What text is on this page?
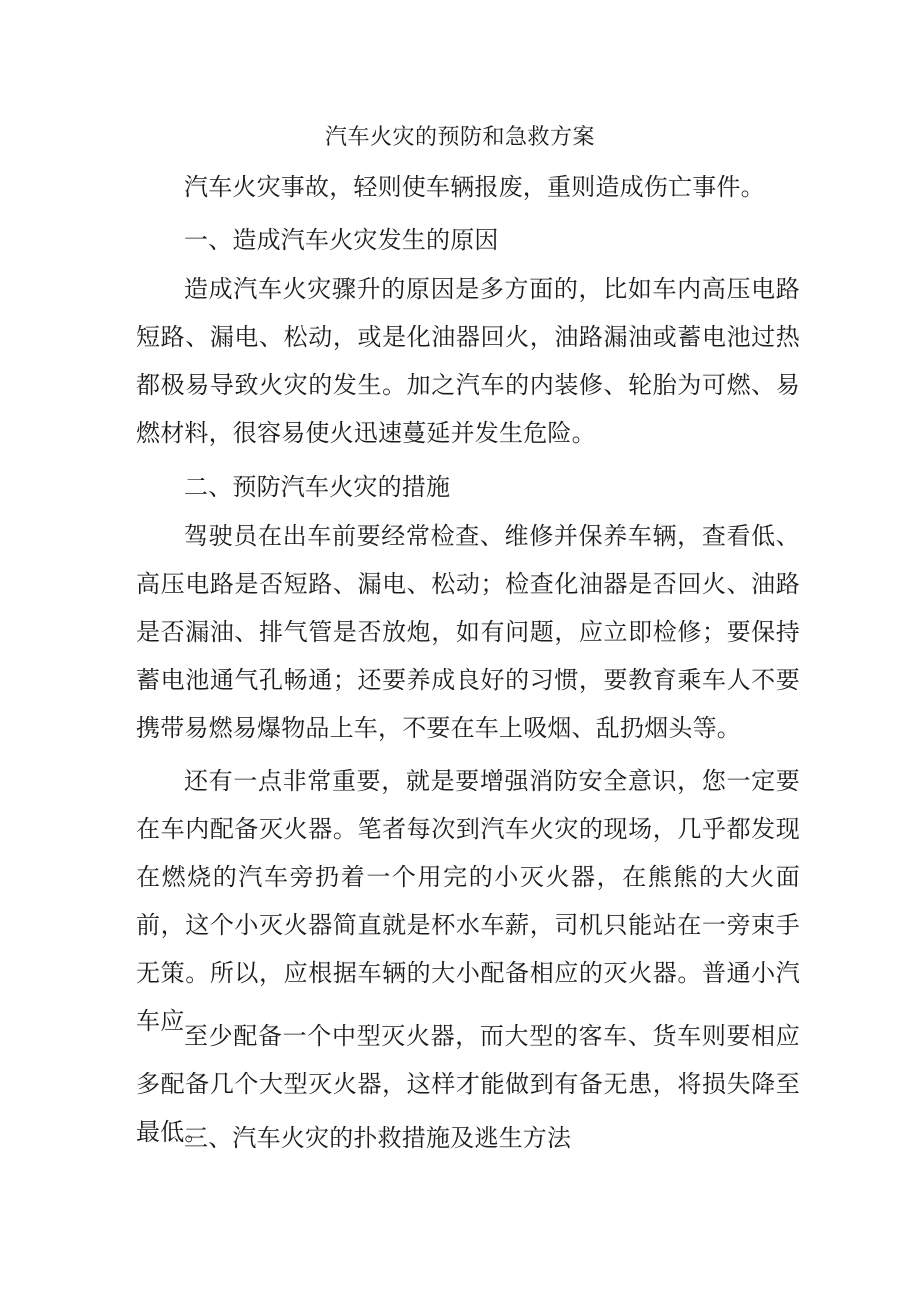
汽车火灾的预防和急救方案

汽车火灾事故，轻则使车辆报废，重则造成伤亡事件。

一、造成汽车火灾发生的原因

造成汽车火灾骤升的原因是多方面的，比如车内高压电路短路、漏电、松动，或是化油器回火，油路漏油或蓄电池过热都极易导致火灾的发生。加之汽车的内装修、轮胎为可燃、易燃材料，很容易使火迅速蔓延并发生危险。

二、预防汽车火灾的措施

驾驶员在出车前要经常检查、维修并保养车辆，查看低、高压电路是否短路、漏电、松动；检查化油器是否回火、油路是否漏油、排气管是否放炮，如有问题，应立即检修；要保持蓄电池通气孔畅通；还要养成良好的习惯，要教育乘车人不要携带易燃易爆物品上车，不要在车上吸烟、乱扔烟头等。

还有一点非常重要，就是要增强消防安全意识，您一定要在车内配备灭火器。笔者每次到汽车火灾的现场，几乎都发现在燃烧的汽车旁扔着一个用完的小灭火器，在熊熊的大火面前，这个小灭火器简直就是杯水车薪，司机只能站在一旁束手无策。所以，应根据车辆的大小配备相应的灭火器。普通小汽车应

至少配备一个中型灭火器，而大型的客车、货车则要相应多配备几个大型灭火器，这样才能做到有备无患，将损失降至最低。

三、汽车火灾的扑救措施及逃生方法
